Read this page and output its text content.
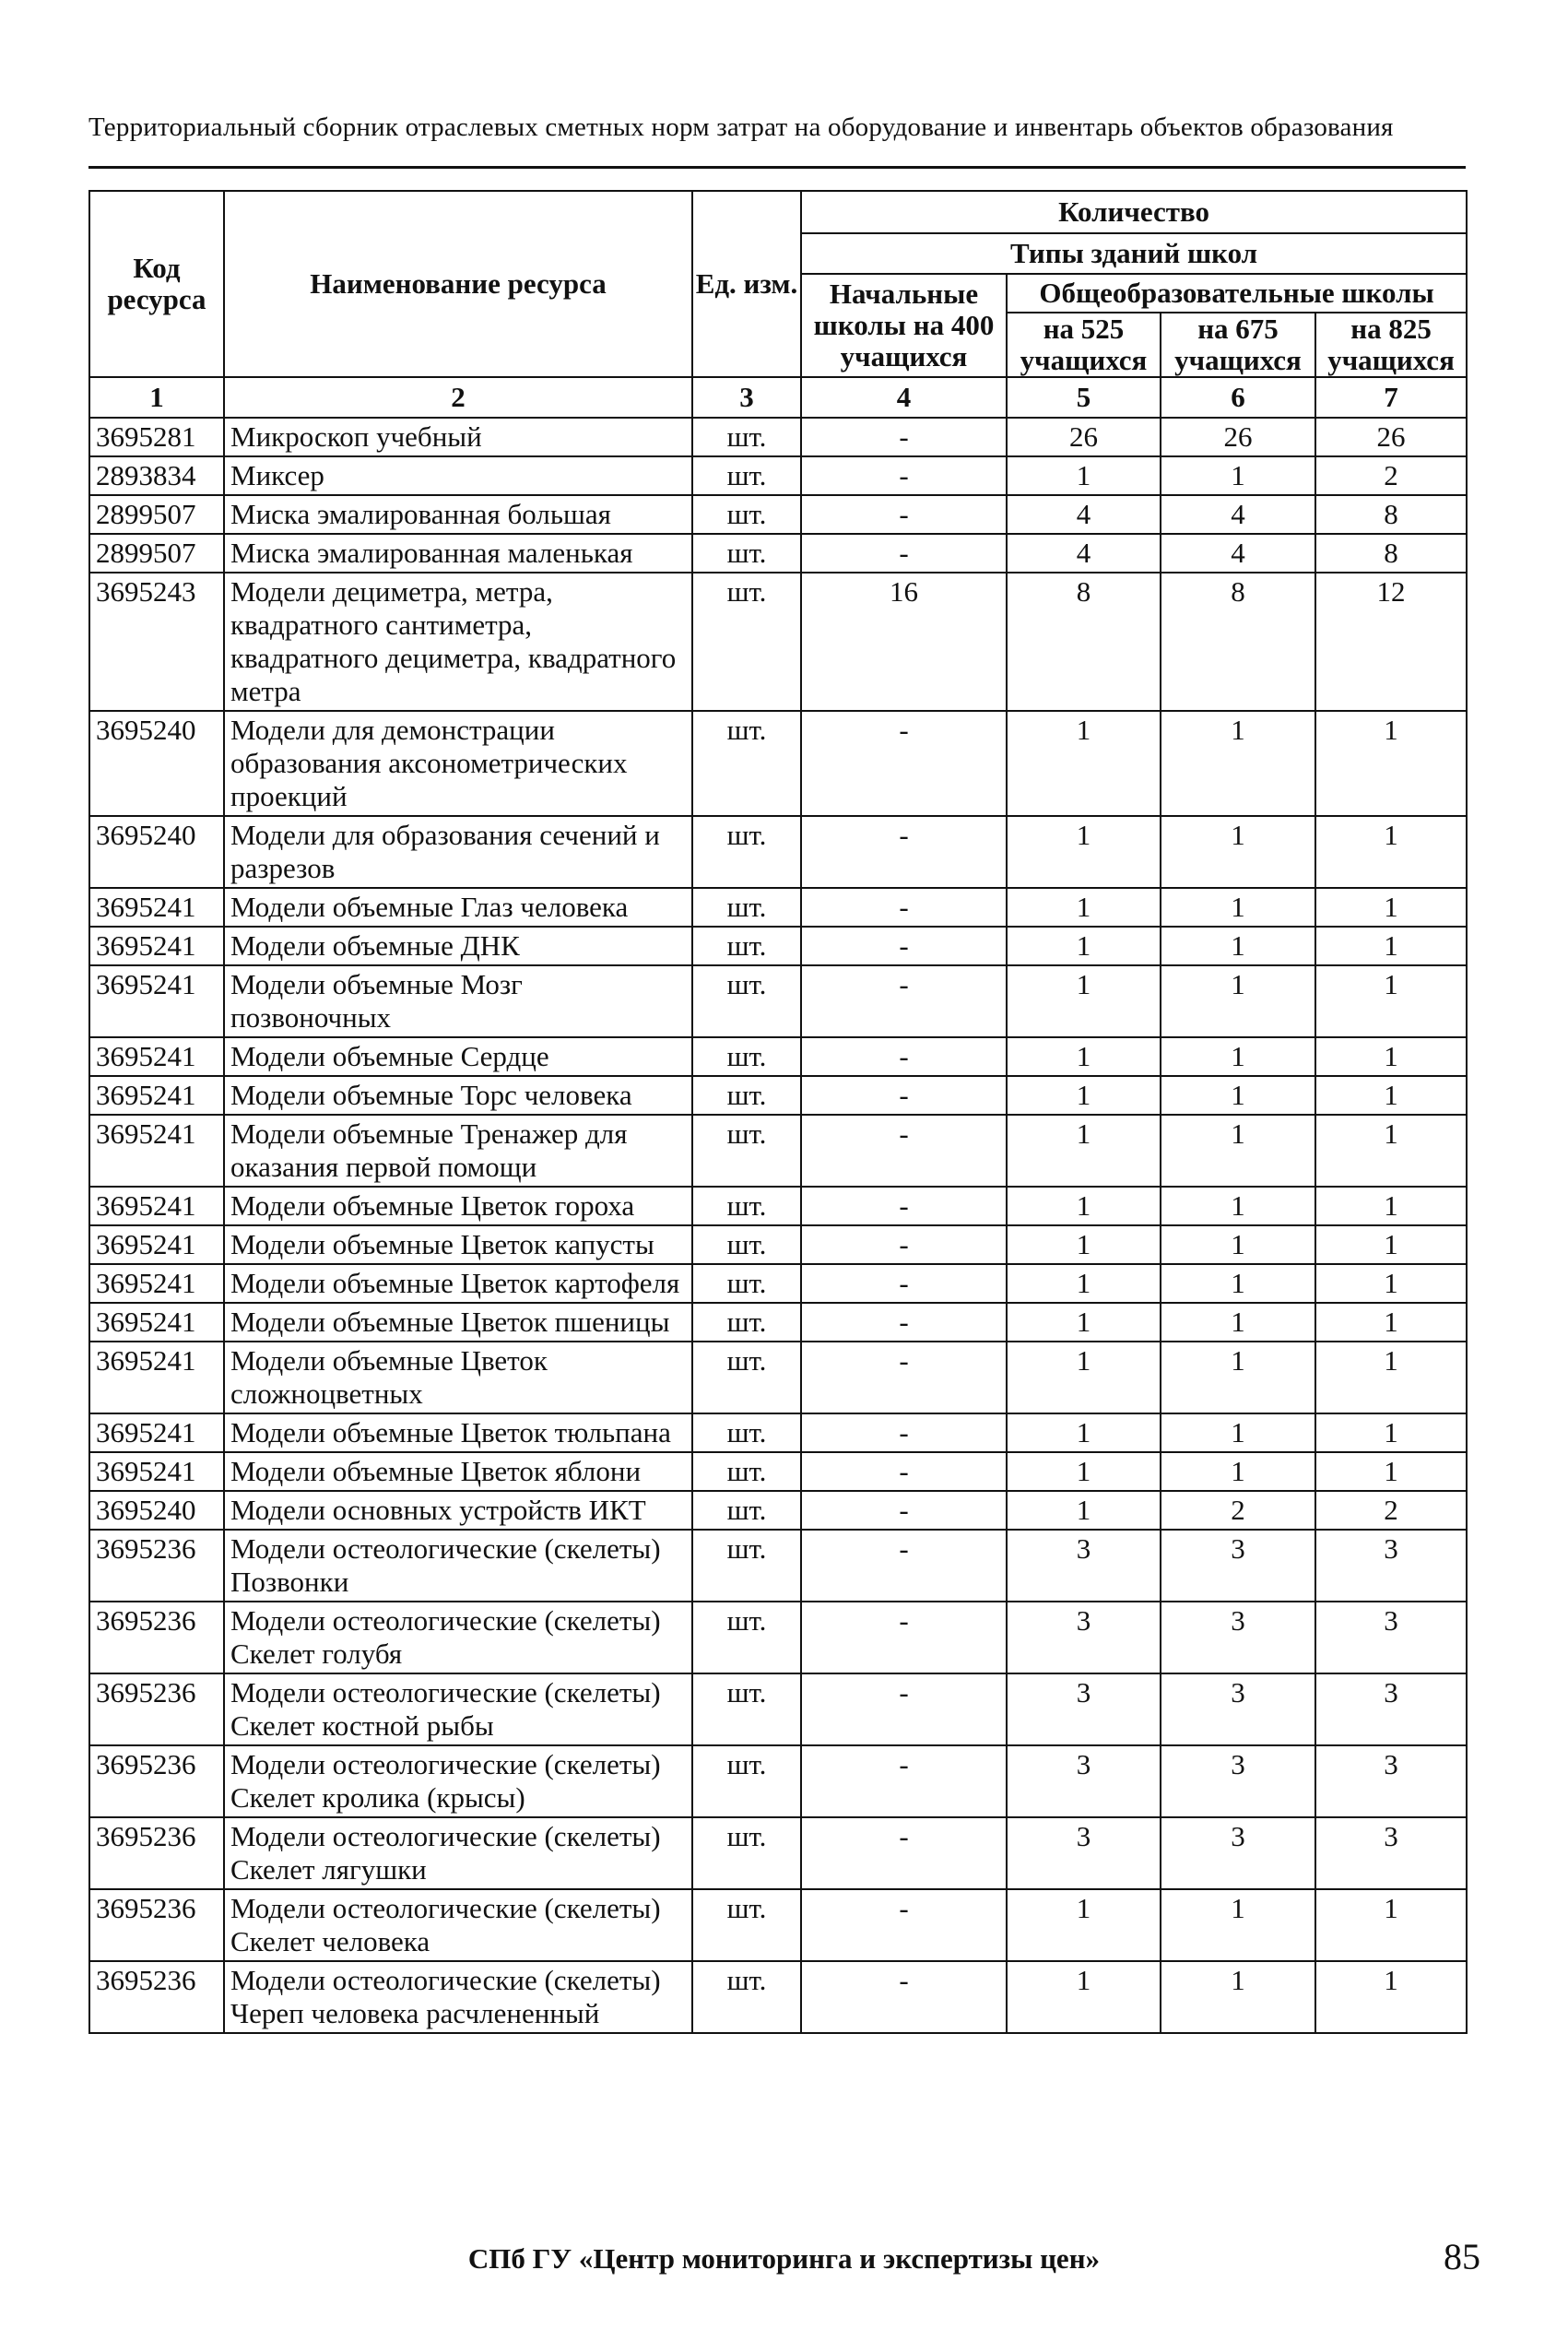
Территориальный сборник отраслевых сметных норм затрат на оборудование и инвентарь объектов образования
Код ресурса	Наименование ресурса	Ед. изм.	Количество			
			Типы зданий школ			
			Начальные школы на 400 учащихся	Общеобразовательные школы		
				на 525 учащихся	на 675 учащихся	на 825 учащихся
1	2	3	4	5	6	7
3695281	Микроскоп учебный	шт.	-	26	26	26
2893834	Миксер	шт.	-	1	1	2
2899507	Миска эмалированная большая	шт.	-	4	4	8
2899507	Миска эмалированная маленькая	шт.	-	4	4	8
3695243	Модели дециметра, метра, квадратного сантиметра, квадратного дециметра, квадратного метра	шт.	16	8	8	12
3695240	Модели для демонстрации образования аксонометрических проекций	шт.	-	1	1	1
3695240	Модели для образования сечений и разрезов	шт.	-	1	1	1
3695241	Модели объемные Глаз человека	шт.	-	1	1	1
3695241	Модели объемные ДНК	шт.	-	1	1	1
3695241	Модели объемные Мозг позвоночных	шт.	-	1	1	1
3695241	Модели объемные Сердце	шт.	-	1	1	1
3695241	Модели объемные Торс человека	шт.	-	1	1	1
3695241	Модели объемные Тренажер для оказания первой помощи	шт.	-	1	1	1
3695241	Модели объемные Цветок гороха	шт.	-	1	1	1
3695241	Модели объемные Цветок капусты	шт.	-	1	1	1
3695241	Модели объемные Цветок картофеля	шт.	-	1	1	1
3695241	Модели объемные Цветок пшеницы	шт.	-	1	1	1
3695241	Модели объемные Цветок сложноцветных	шт.	-	1	1	1
3695241	Модели объемные Цветок тюльпана	шт.	-	1	1	1
3695241	Модели объемные Цветок яблони	шт.	-	1	1	1
3695240	Модели основных устройств ИКТ	шт.	-	1	2	2
3695236	Модели остеологические (скелеты) Позвонки	шт.	-	3	3	3
3695236	Модели остеологические (скелеты) Скелет голубя	шт.	-	3	3	3
3695236	Модели остеологические (скелеты) Скелет костной рыбы	шт.	-	3	3	3
3695236	Модели остеологические (скелеты) Скелет кролика (крысы)	шт.	-	3	3	3
3695236	Модели остеологические (скелеты) Скелет лягушки	шт.	-	3	3	3
3695236	Модели остеологические (скелеты) Скелет человека	шт.	-	1	1	1
3695236	Модели остеологические (скелеты) Череп человека расчлененный	шт.	-	1	1	1
СПб ГУ «Центр мониторинга и экспертизы цен»	85
